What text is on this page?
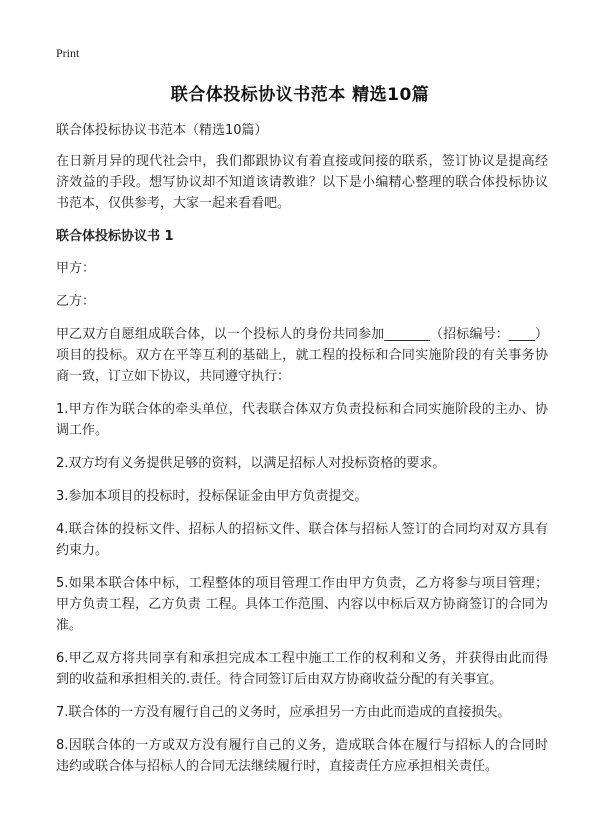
Print
联合体投标协议书范本 精选10篇

联合体投标协议书范本（精选10篇）

在日新月异的现代社会中，我们都跟协议有着直接或间接的联系，签订协议是提高经济效益的手段。想写协议却不知道该请教谁？以下是小编精心整理的联合体投标协议书范本，仅供参考，大家一起来看看吧。

联合体投标协议书 1

甲方：

乙方：

甲乙双方自愿组成联合体，以一个投标人的身份共同参加_______（招标编号：____）项目的投标。双方在平等互利的基础上，就工程的投标和合同实施阶段的有关事务协商一致，订立如下协议，共同遵守执行：

1.甲方作为联合体的牵头单位，代表联合体双方负责投标和合同实施阶段的主办、协调工作。

2.双方均有义务提供足够的资料，以满足招标人对投标资格的要求。

3.参加本项目的投标时，投标保证金由甲方负责提交。

4.联合体的投标文件、招标人的招标文件、联合体与招标人签订的合同均对双方具有约束力。

5.如果本联合体中标，工程整体的项目管理工作由甲方负责，乙方将参与项目管理；甲方负责工程，乙方负责 工程。具体工作范围、内容以中标后双方协商签订的合同为准。

6.甲乙双方将共同享有和承担完成本工程中施工工作的权利和义务，并获得由此而得到的收益和承担相关的.责任。待合同签订后由双方协商收益分配的有关事宜。

7.联合体的一方没有履行自己的义务时，应承担另一方由此而造成的直接损失。

8.因联合体的一方或双方没有履行自己的义务，造成联合体在履行与招标人的合同时违约或联合体与招标人的合同无法继续履行时，直接责任方应承担相关责任。
